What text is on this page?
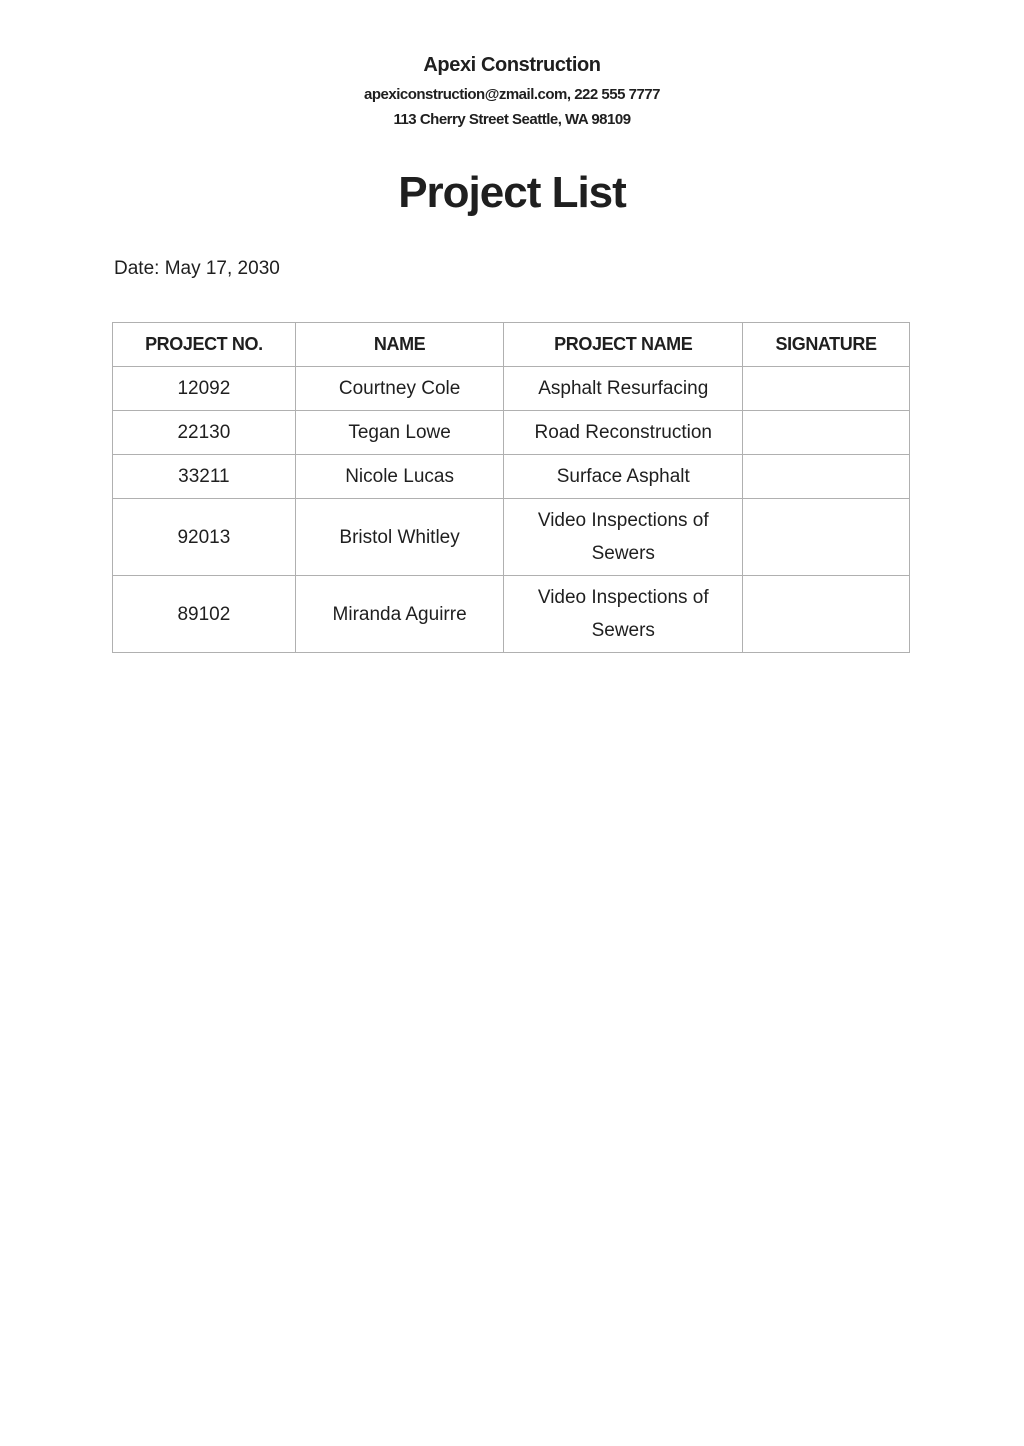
Apexi Construction
apexiconstruction@zmail.com, 222 555 7777
113 Cherry Street Seattle, WA 98109
Project List
Date: May 17, 2030
PROJECT NO.	NAME	PROJECT NAME	SIGNATURE
12092	Courtney Cole	Asphalt Resurfacing	
22130	Tegan Lowe	Road Reconstruction	
33211	Nicole Lucas	Surface Asphalt	
92013	Bristol Whitley	Video Inspections of Sewers	
89102	Miranda Aguirre	Video Inspections of Sewers	
